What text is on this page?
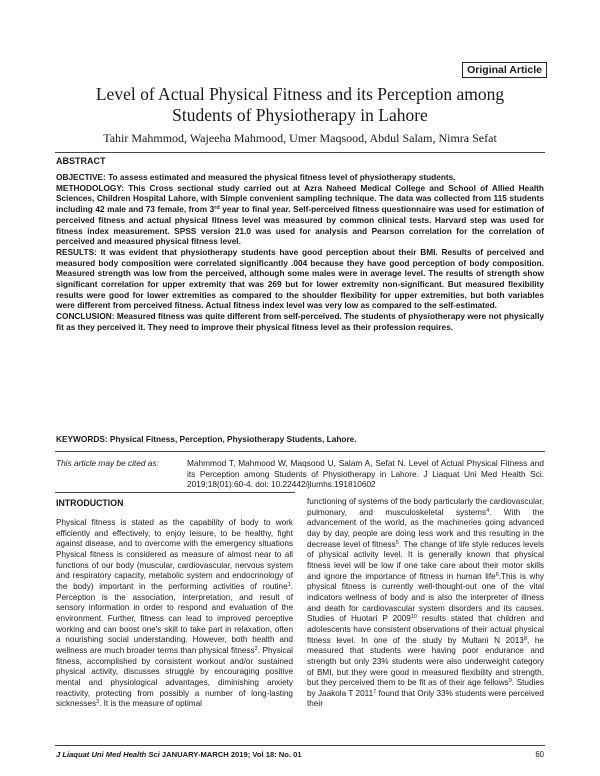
Original Article
Level of Actual Physical Fitness and its Perception among
Students of Physiotherapy in Lahore
Tahir Mahmmod, Wajeeha Mahmood, Umer Maqsood, Abdul Salam, Nimra Sefat
ABSTRACT

OBJECTIVE: To assess estimated and measured the physical fitness level of physiotherapy students.

METHODOLOGY: This Cross sectional study carried out at Azra Naheed Medical College and School of Allied Health Sciences, Children Hospital Lahore, with Simple convenient sampling technique. The data was collected from 115 students including 42 male and 73 female, from 3rd year to final year. Self-perceived fitness questionnaire was used for estimation of perceived fitness and actual physical fitness level was measured by common clinical tests. Harvard step was used for fitness index measurement. SPSS version 21.0 was used for analysis and Pearson correlation for the correlation of perceived and measured physical fitness level.

RESULTS: It was evident that physiotherapy students have good perception about their BMI. Results of perceived and measured body composition were correlated significantly .004 because they have good perception of body composition. Measured strength was low from the perceived, although some males were in average level. The results of strength show significant correlation for upper extremity that was 269 but for lower extremity non-significant. But measured flexibility results were good for lower extremities as compared to the shoulder flexibility for upper extremities, but both variables were different from perceived fitness. Actual fitness index level was very low as compared to the self-estimated.

CONCLUSION: Measured fitness was quite different from self-perceived. The students of physiotherapy were not physically fit as they perceived it. They need to improve their physical fitness level as their profession requires.

KEYWORDS: Physical Fitness, Perception, Physiotherapy Students, Lahore.
This article may be cited as:	Mahmmod T, Mahmood W, Maqsood U, Salam A, Sefat N. Level of Actual Physical Fitness and its Perception among Students of Physiotherapy in Lahore. J Liaquat Uni Med Health Sci. 2019;18(01):60-4. doi: 10.22442/jlumhs.191810602
INTRODUCTION

Physical fitness is stated as the capability of body to work efficiently and effectively, to enjoy leisure, to be healthy, fight against disease, and to overcome with the emergency situations Physical fitness is considered as measure of almost near to all functions of our body (muscular, cardiovascular, nervous system and respiratory capacity, metabolic system and endocrinology of the body) important in the performing activities of routine$^1$. Perception is the association, interpretation, and result of sensory information in order to respond and evaluation of the environment. Further, fitness can lead to improved perceptive working and can boost one's skill to take part in relaxation, often a nourishing social understanding. However, both health and wellness are much broader terms than physical fitness$^2$. Physical fitness, accomplished by consistent workout and/or sustained physical activity, discusses struggle by encouraging positive mental and physiological advantages, diminishing anxiety reactivity, protecting from possibly a number of long-lasting sicknesses$^3$. It is the measure of optimal

functioning of systems of the body particularly the cardiovascular, pulmonary, and musculoskeletal systems$^4$. With the advancement of the world, as the machineries going advanced day by day, people are doing less work and this resulting in the decrease level of fitness$^5$. The change of life style reduces levels of physical activity level. It is generally known that physical fitness level will be low if one take care about their motor skills and ignore the importance of fitness in human life$^6$.This is why physical fitness is currently well-thought-out one of the vital indicators wellness of body and is also the interpreter of illness and death for cardiovascular system disorders and its causes. Studies of Huotari P 2009$^{10}$ results stated that children and adolescents have consistent observations of their actual physical fitness level. In one of the study by Multani N 2013$^8$, he measured that students were having poor endurance and strength but only 23% students were also underweight category of BMI, but they were good in measured flexibility and strength, but they perceived them to be fit as of their age fellows$^9$. Studies by Jaakola T 2011$^7$ found that Only 33% students were perceived their

J Liaquat Uni Med Health Sci JANUARY-MARCH 2019; Vol 18: No. 01	60
